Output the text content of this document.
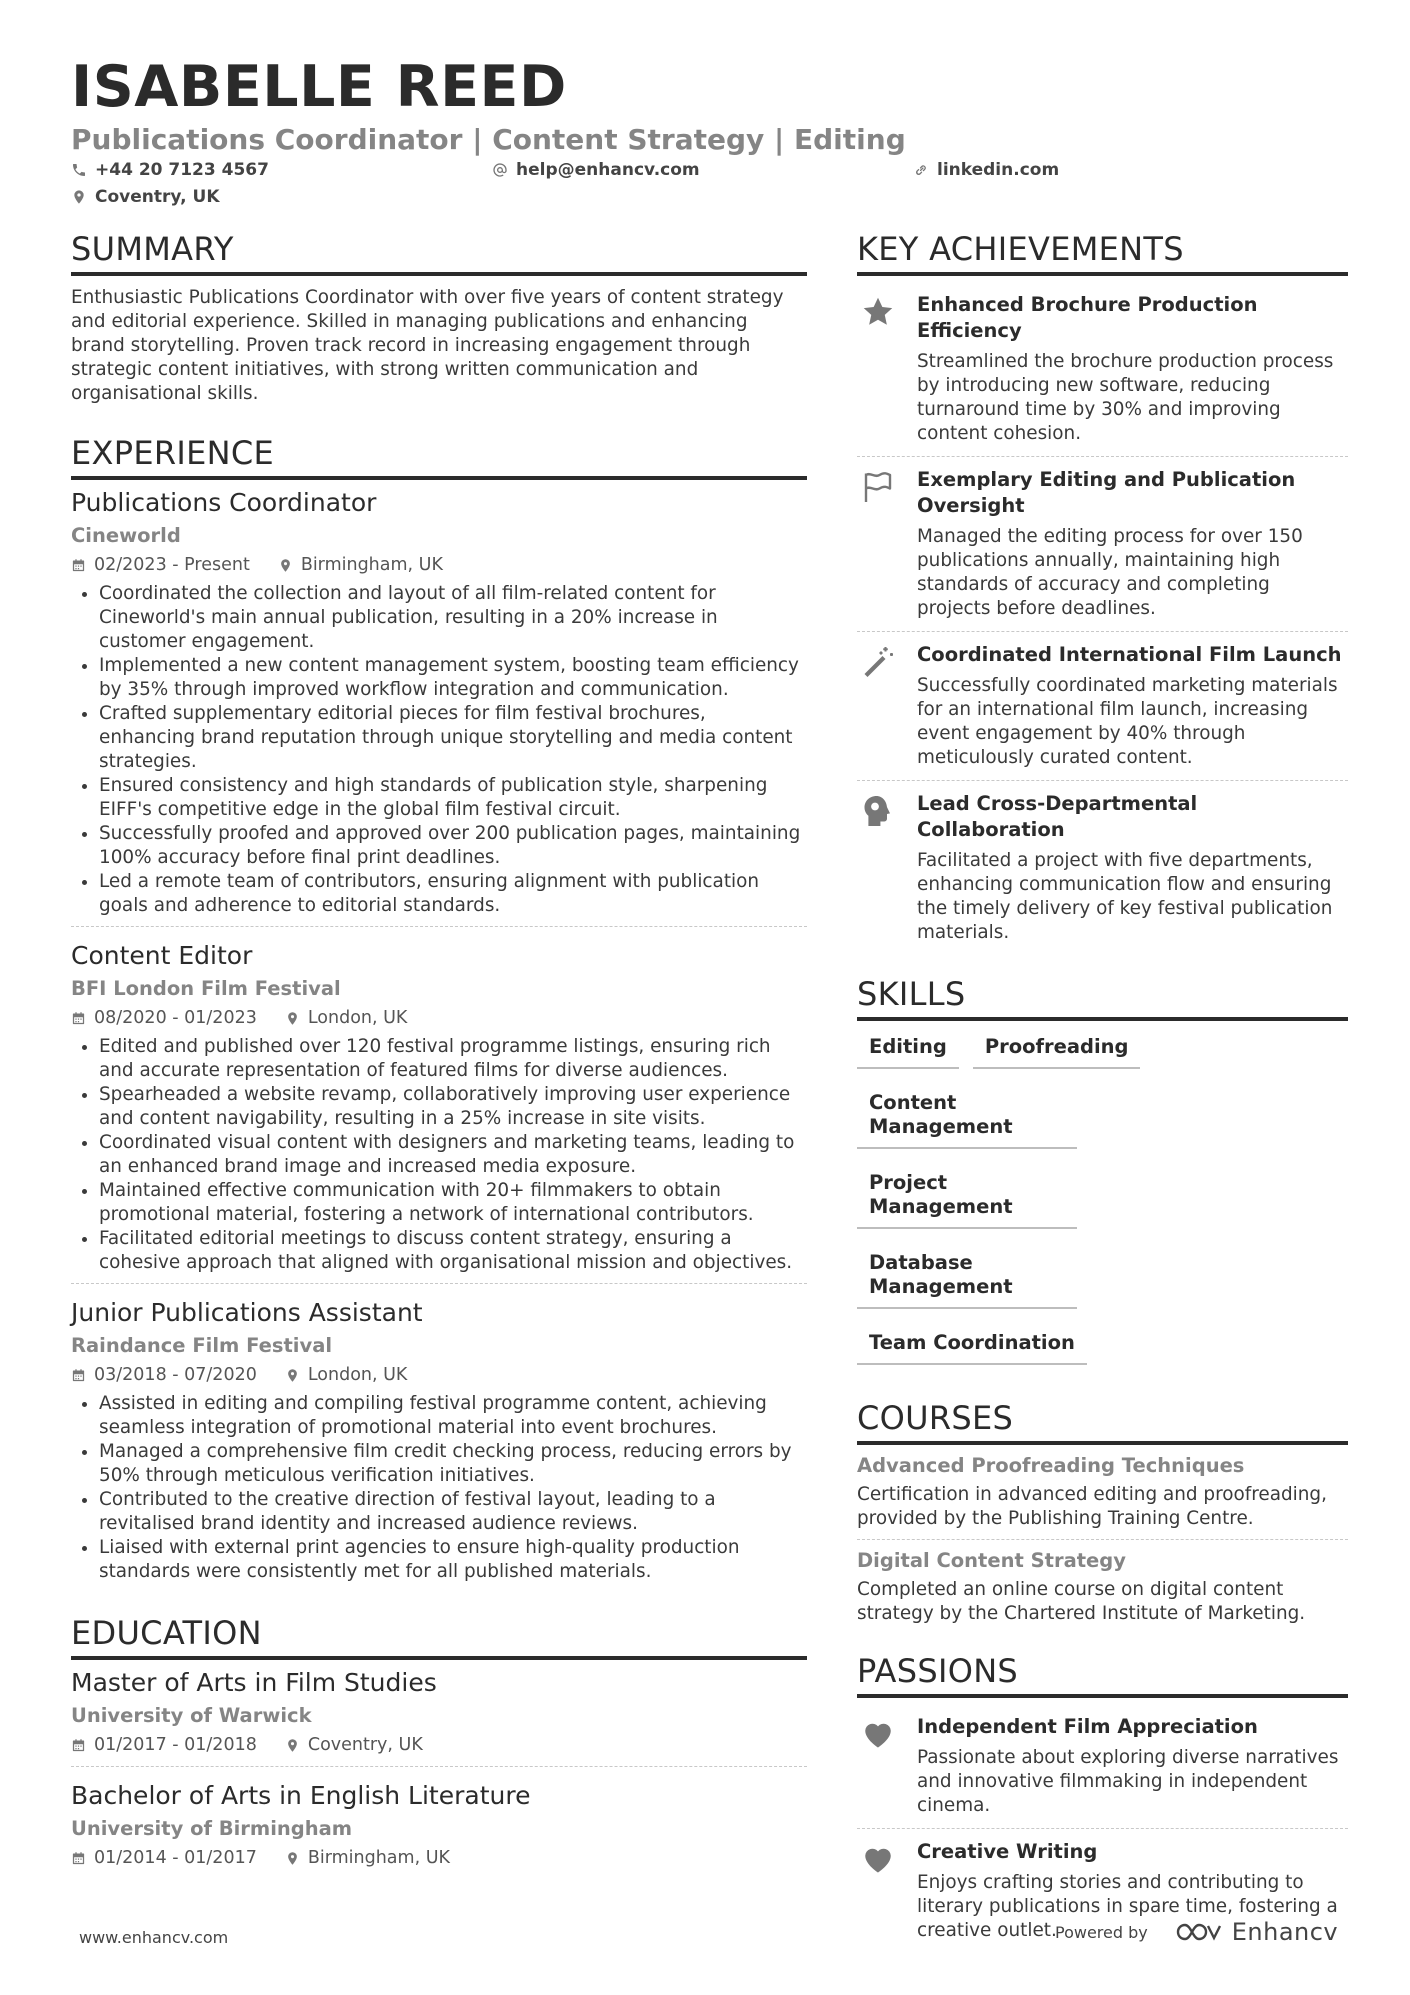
ISABELLE REED
Publications Coordinator | Content Strategy | Editing
+44 20 7123 4567	help@enhancv.com	linkedin.com
Coventry, UK
SUMMARY
Enthusiastic Publications Coordinator with over five years of content strategy and editorial experience. Skilled in managing publications and enhancing brand storytelling. Proven track record in increasing engagement through strategic content initiatives, with strong written communication and organisational skills.
EXPERIENCE
Publications Coordinator
Cineworld
02/2023 - Present	Birmingham, UK
• Coordinated the collection and layout of all film-related content for Cineworld's main annual publication, resulting in a 20% increase in customer engagement.
• Implemented a new content management system, boosting team efficiency by 35% through improved workflow integration and communication.
• Crafted supplementary editorial pieces for film festival brochures, enhancing brand reputation through unique storytelling and media content strategies.
• Ensured consistency and high standards of publication style, sharpening EIFF's competitive edge in the global film festival circuit.
• Successfully proofed and approved over 200 publication pages, maintaining 100% accuracy before final print deadlines.
• Led a remote team of contributors, ensuring alignment with publication goals and adherence to editorial standards.
Content Editor
BFI London Film Festival
08/2020 - 01/2023	London, UK
• Edited and published over 120 festival programme listings, ensuring rich and accurate representation of featured films for diverse audiences.
• Spearheaded a website revamp, collaboratively improving user experience and content navigability, resulting in a 25% increase in site visits.
• Coordinated visual content with designers and marketing teams, leading to an enhanced brand image and increased media exposure.
• Maintained effective communication with 20+ filmmakers to obtain promotional material, fostering a network of international contributors.
• Facilitated editorial meetings to discuss content strategy, ensuring a cohesive approach that aligned with organisational mission and objectives.
Junior Publications Assistant
Raindance Film Festival
03/2018 - 07/2020	London, UK
• Assisted in editing and compiling festival programme content, achieving seamless integration of promotional material into event brochures.
• Managed a comprehensive film credit checking process, reducing errors by 50% through meticulous verification initiatives.
• Contributed to the creative direction of festival layout, leading to a revitalised brand identity and increased audience reviews.
• Liaised with external print agencies to ensure high-quality production standards were consistently met for all published materials.
EDUCATION
Master of Arts in Film Studies
University of Warwick
01/2017 - 01/2018	Coventry, UK
Bachelor of Arts in English Literature
University of Birmingham
01/2014 - 01/2017	Birmingham, UK
KEY ACHIEVEMENTS
Enhanced Brochure Production Efficiency
Streamlined the brochure production process by introducing new software, reducing turnaround time by 30% and improving content cohesion.
Exemplary Editing and Publication Oversight
Managed the editing process for over 150 publications annually, maintaining high standards of accuracy and completing projects before deadlines.
Coordinated International Film Launch
Successfully coordinated marketing materials for an international film launch, increasing event engagement by 40% through meticulously curated content.
Lead Cross-Departmental Collaboration
Facilitated a project with five departments, enhancing communication flow and ensuring the timely delivery of key festival publication materials.
SKILLS
Editing	Proofreading
Content Management
Project Management
Database Management
Team Coordination
COURSES
Advanced Proofreading Techniques
Certification in advanced editing and proofreading, provided by the Publishing Training Centre.
Digital Content Strategy
Completed an online course on digital content strategy by the Chartered Institute of Marketing.
PASSIONS
Independent Film Appreciation
Passionate about exploring diverse narratives and innovative filmmaking in independent cinema.
Creative Writing
Enjoys crafting stories and contributing to literary publications in spare time, fostering a creative outlet.
www.enhancv.com	Powered by	Enhancv
